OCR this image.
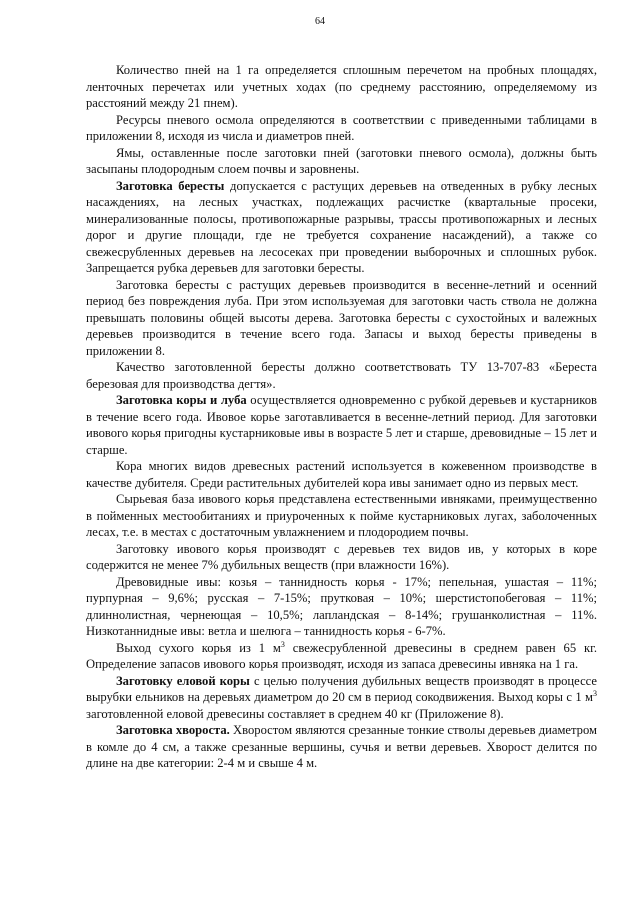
64

Количество пней на 1 га определяется сплошным перечетом на пробных площадях, ленточных перечетах или учетных ходах (по среднему расстоянию, определяемому из расстояний между 21 пнем).

Ресурсы пневого осмола определяются в соответствии с приведенными таблицами в приложении 8, исходя из числа и диаметров пней.

Ямы, оставленные после заготовки пней (заготовки пневого осмола), должны быть засыпаны плодородным слоем почвы и заровнены.

Заготовка бересты допускается с растущих деревьев на отведенных в рубку лесных насаждениях, на лесных участках, подлежащих расчистке (квартальные просеки, минерализованные полосы, противопожарные разрывы, трассы противопожарных и лесных дорог и другие площади, где не требуется сохранение насаждений), а также со свежесрубленных деревьев на лесосеках при проведении выборочных и сплошных рубок. Запрещается рубка деревьев для заготовки бересты.

Заготовка бересты с растущих деревьев производится в весенне-летний и осенний период без повреждения луба. При этом используемая для заготовки часть ствола не должна превышать половины общей высоты дерева. Заготовка бересты с сухостойных и валежных деревьев производится в течение всего года. Запасы и выход бересты приведены в приложении 8.

Качество заготовленной бересты должно соответствовать ТУ 13-707-83 «Береста березовая для производства дегтя».

Заготовка коры и луба осуществляется одновременно с рубкой деревьев и кустарников в течение всего года. Ивовое корье заготавливается в весенне-летний период. Для заготовки ивового корья пригодны кустарниковые ивы в возрасте 5 лет и старше, древовидные – 15 лет и старше.

Кора многих видов древесных растений используется в кожевенном производстве в качестве дубителя. Среди растительных дубителей кора ивы занимает одно из первых мест.

Сырьевая база ивового корья представлена естественными ивняками, преимущественно в пойменных местообитаниях и приуроченных к пойме кустарниковых лугах, заболоченных лесах, т.е. в местах с достаточным увлажнением и плодородием почвы.

Заготовку ивового корья производят с деревьев тех видов ив, у которых в коре содержится не менее 7% дубильных веществ (при влажности 16%).

Древовидные ивы: козья – таннидность корья - 17%; пепельная, ушастая – 11%; пурпурная – 9,6%; русская – 7-15%; прутковая – 10%; шерстистопобеговая – 11%; длиннолистная, чернеющая – 10,5%; лапландская – 8-14%; грушанколистная – 11%. Низкотаннидные ивы: ветла и шелюга – таннидность корья - 6-7%.

Выход сухого корья из 1 $м^3$ свежесрубленной древесины в среднем равен 65 кг. Определение запасов ивового корья производят, исходя из запаса древесины ивняка на 1 га.

Заготовку еловой коры с целью получения дубильных веществ производят в процессе вырубки ельников на деревьях диаметром до 20 см в период сокодвижения. Выход коры с 1 $м^3$ заготовленной еловой древесины составляет в среднем 40 кг (Приложение 8).

Заготовка хвороста. Хворостом являются срезанные тонкие стволы деревьев диаметром в комле до 4 см, а также срезанные вершины, сучья и ветви деревьев. Хворост делится по длине на две категории: 2-4 м и свыше 4 м.
